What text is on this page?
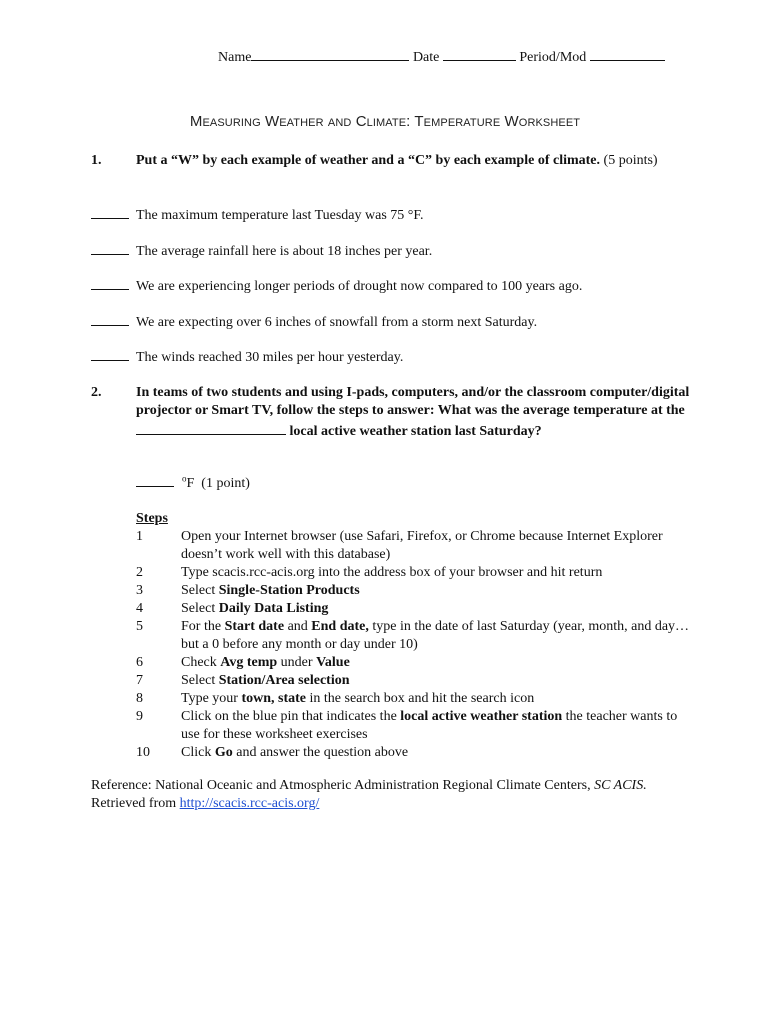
Name	Date	Period/Mod
Measuring Weather and Climate: Temperature Worksheet
1. Put a “W” by each example of weather and a “C” by each example of climate. (5 points)
The maximum temperature last Tuesday was 75 °F.
The average rainfall here is about 18 inches per year.
We are experiencing longer periods of drought now compared to 100 years ago.
We are expecting over 6 inches of snowfall from a storm next Saturday.
The winds reached 30 miles per hour yesterday.
2. In teams of two students and using I-pads, computers, and/or the classroom computer/digital projector or Smart TV, follow the steps to answer: What was the average temperature at the local active weather station last Saturday?
$^o$F (1 point)
Steps
1	Open your Internet browser (use Safari, Firefox, or Chrome because Internet Explorer doesn’t work well with this database)
2	Type scacis.rcc-acis.org into the address box of your browser and hit return
3	Select Single-Station Products
4	Select Daily Data Listing
5	For the Start date and End date, type in the date of last Saturday (year, month, and day…but a 0 before any month or day under 10)
6	Check Avg temp under Value
7	Select Station/Area selection
8	Type your town, state in the search box and hit the search icon
9	Click on the blue pin that indicates the local active weather station the teacher wants to use for these worksheet exercises
10	Click Go and answer the question above
Reference: National Oceanic and Atmospheric Administration Regional Climate Centers, SC ACIS. Retrieved from http://scacis.rcc-acis.org/
